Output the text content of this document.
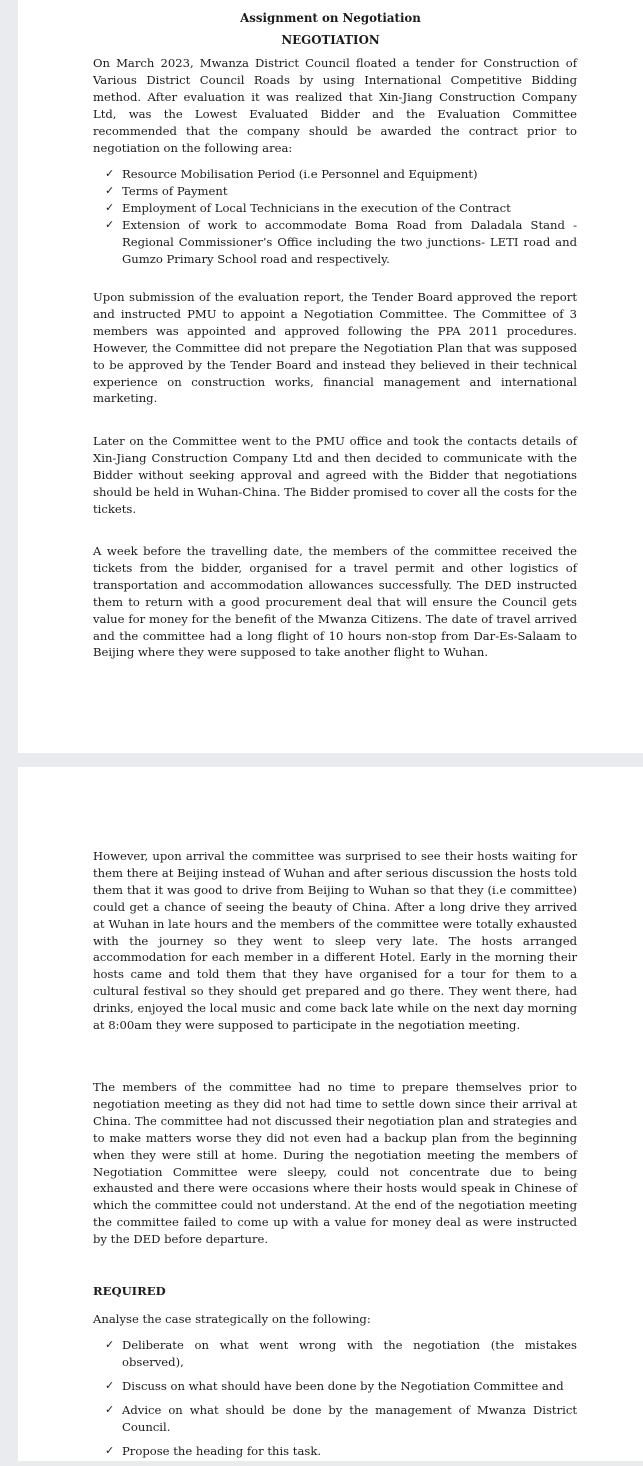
Assignment on Negotiation
NEGOTIATION

On March 2023, Mwanza District Council floated a tender for Construction of Various District Council Roads by using International Competitive Bidding method. After evaluation it was realized that Xin-Jiang Construction Company Ltd, was the Lowest Evaluated Bidder and the Evaluation Committee recommended that the company should be awarded the contract prior to negotiation on the following area:

✓ Resource Mobilisation Period (i.e Personnel and Equipment)
✓ Terms of Payment
✓ Employment of Local Technicians in the execution of the Contract
✓ Extension of work to accommodate Boma Road from Daladala Stand - Regional Commissioner’s Office including the two junctions- LETI road and Gumzo Primary School road and respectively.

Upon submission of the evaluation report, the Tender Board approved the report and instructed PMU to appoint a Negotiation Committee. The Committee of 3 members was appointed and approved following the PPA 2011 procedures. However, the Committee did not prepare the Negotiation Plan that was supposed to be approved by the Tender Board and instead they believed in their technical experience on construction works, financial management and international marketing.

Later on the Committee went to the PMU office and took the contacts details of Xin-Jiang Construction Company Ltd and then decided to communicate with the Bidder without seeking approval and agreed with the Bidder that negotiations should be held in Wuhan-China. The Bidder promised to cover all the costs for the tickets.

A week before the travelling date, the members of the committee received the tickets from the bidder, organised for a travel permit and other logistics of transportation and accommodation allowances successfully. The DED instructed them to return with a good procurement deal that will ensure the Council gets value for money for the benefit of the Mwanza Citizens. The date of travel arrived and the committee had a long flight of 10 hours non-stop from Dar-Es-Salaam to Beijing where they were supposed to take another flight to Wuhan.

However, upon arrival the committee was surprised to see their hosts waiting for them there at Beijing instead of Wuhan and after serious discussion the hosts told them that it was good to drive from Beijing to Wuhan so that they (i.e committee) could get a chance of seeing the beauty of China. After a long drive they arrived at Wuhan in late hours and the members of the committee were totally exhausted with the journey so they went to sleep very late. The hosts arranged accommodation for each member in a different Hotel. Early in the morning their hosts came and told them that they have organised for a tour for them to a cultural festival so they should get prepared and go there. They went there, had drinks, enjoyed the local music and come back late while on the next day morning at 8:00am they were supposed to participate in the negotiation meeting.

The members of the committee had no time to prepare themselves prior to negotiation meeting as they did not had time to settle down since their arrival at China. The committee had not discussed their negotiation plan and strategies and to make matters worse they did not even had a backup plan from the beginning when they were still at home. During the negotiation meeting the members of Negotiation Committee were sleepy, could not concentrate due to being exhausted and there were occasions where their hosts would speak in Chinese of which the committee could not understand. At the end of the negotiation meeting the committee failed to come up with a value for money deal as were instructed by the DED before departure.

REQUIRED

Analyse the case strategically on the following:

✓ Deliberate on what went wrong with the negotiation (the mistakes observed),
✓ Discuss on what should have been done by the Negotiation Committee and
✓ Advice on what should be done by the management of Mwanza District Council.
✓ Propose the heading for this task.
